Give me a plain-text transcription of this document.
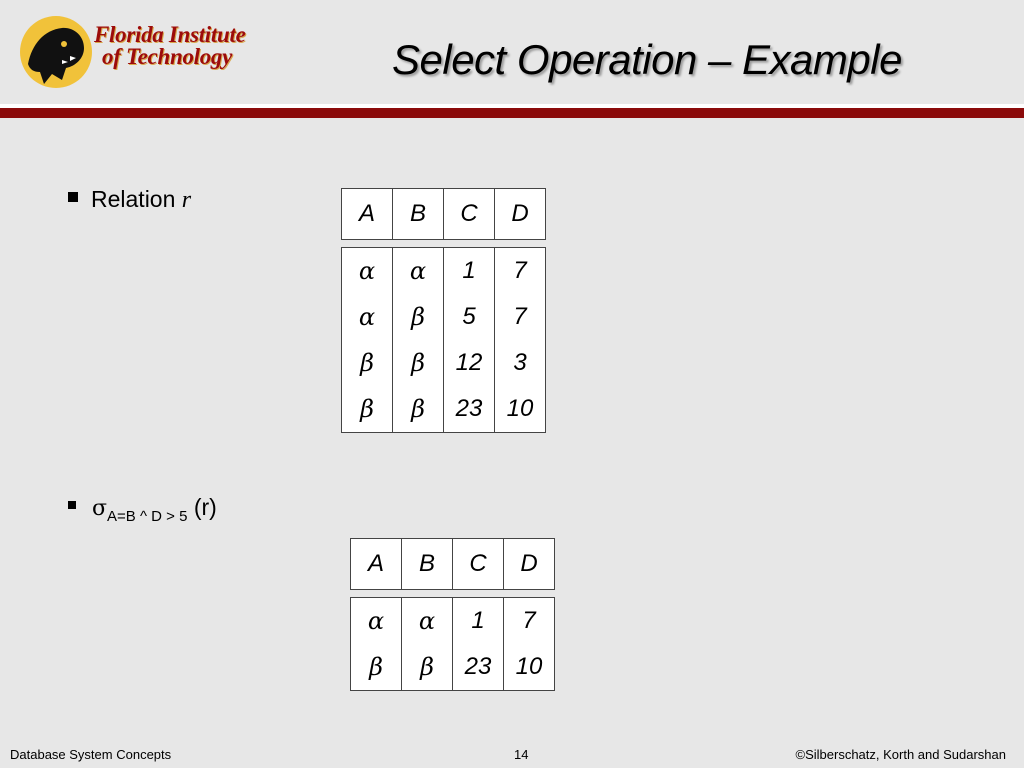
Florida Institute
of Technology	Select Operation – Example
Relation r	A	B	C	D
α	α	1	7
α	β	5	7
β	β	12	3
β	β	23	10
$\sigma_{A=B \^{} D > 5}$ (r)
A	B	C	D
α	α	1	7
β	β	23	10
Database System Concepts	14	©Silberschatz, Korth and Sudarshan
